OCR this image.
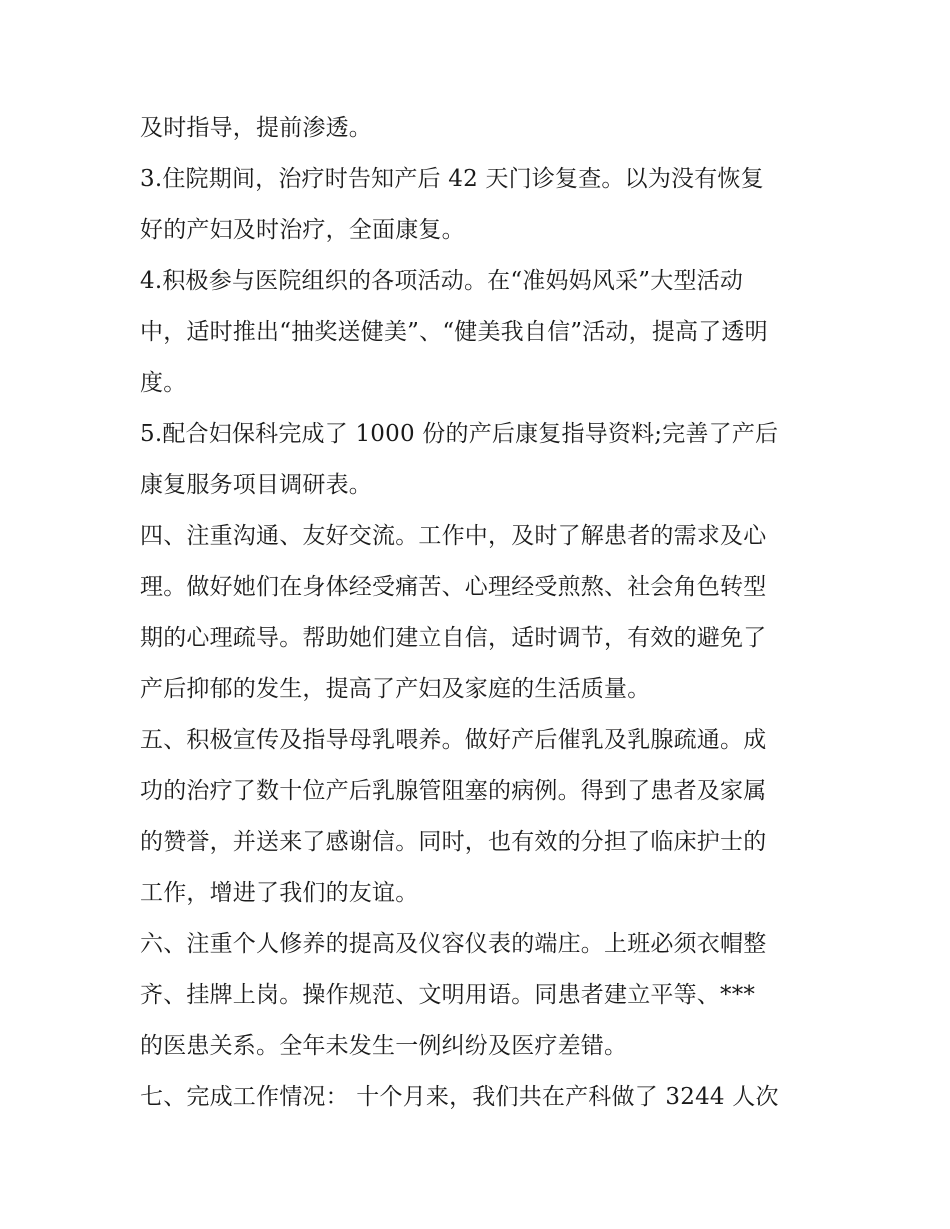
及时指导，提前渗透。
3.住院期间，治疗时告知产后 42 天门诊复查。以为没有恢复
好的产妇及时治疗，全面康复。
4.积极参与医院组织的各项活动。在“准妈妈风采”大型活动
中，适时推出“抽奖送健美”、“健美我自信”活动，提高了透明
度。
5.配合妇保科完成了 1000 份的产后康复指导资料;完善了产后
康复服务项目调研表。
四、注重沟通、友好交流。工作中，及时了解患者的需求及心
理。做好她们在身体经受痛苦、心理经受煎熬、社会角色转型
期的心理疏导。帮助她们建立自信，适时调节，有效的避免了
产后抑郁的发生，提高了产妇及家庭的生活质量。
五、积极宣传及指导母乳喂养。做好产后催乳及乳腺疏通。成
功的治疗了数十位产后乳腺管阻塞的病例。得到了患者及家属
的赞誉，并送来了感谢信。同时，也有效的分担了临床护士的
工作，增进了我们的友谊。
六、注重个人修养的提高及仪容仪表的端庄。上班必须衣帽整
齐、挂牌上岗。操作规范、文明用语。同患者建立平等、***
的医患关系。全年未发生一例纠纷及医疗差错。
七、完成工作情况： 十个月来，我们共在产科做了 3244 人次
